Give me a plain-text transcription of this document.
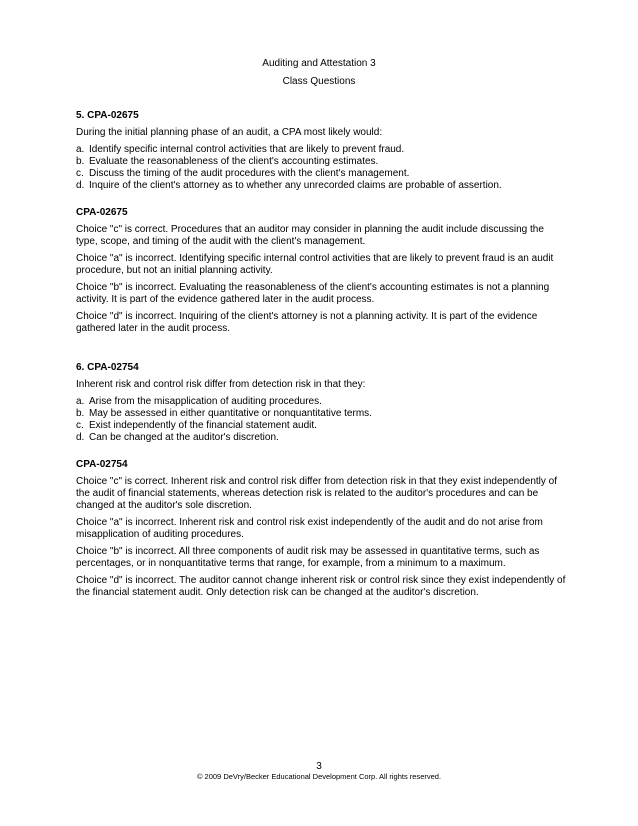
Auditing and Attestation 3
Class Questions

5. CPA-02675

During the initial planning phase of an audit, a CPA most likely would:

a. Identify specific internal control activities that are likely to prevent fraud.
b. Evaluate the reasonableness of the client's accounting estimates.
c. Discuss the timing of the audit procedures with the client's management.
d. Inquire of the client's attorney as to whether any unrecorded claims are probable of assertion.

CPA-02675

Choice "c" is correct. Procedures that an auditor may consider in planning the audit include discussing the type, scope, and timing of the audit with the client's management.

Choice "a" is incorrect. Identifying specific internal control activities that are likely to prevent fraud is an audit procedure, but not an initial planning activity.

Choice "b" is incorrect. Evaluating the reasonableness of the client's accounting estimates is not a planning activity. It is part of the evidence gathered later in the audit process.

Choice "d" is incorrect. Inquiring of the client's attorney is not a planning activity. It is part of the evidence gathered later in the audit process.

6. CPA-02754

Inherent risk and control risk differ from detection risk in that they:

a. Arise from the misapplication of auditing procedures.
b. May be assessed in either quantitative or nonquantitative terms.
c. Exist independently of the financial statement audit.
d. Can be changed at the auditor's discretion.

CPA-02754

Choice "c" is correct. Inherent risk and control risk differ from detection risk in that they exist independently of the audit of financial statements, whereas detection risk is related to the auditor's procedures and can be changed at the auditor's sole discretion.

Choice "a" is incorrect. Inherent risk and control risk exist independently of the audit and do not arise from misapplication of auditing procedures.

Choice "b" is incorrect. All three components of audit risk may be assessed in quantitative terms, such as percentages, or in nonquantitative terms that range, for example, from a minimum to a maximum.

Choice "d" is incorrect. The auditor cannot change inherent risk or control risk since they exist independently of the financial statement audit. Only detection risk can be changed at the auditor's discretion.

3
© 2009 DeVry/Becker Educational Development Corp. All rights reserved.
